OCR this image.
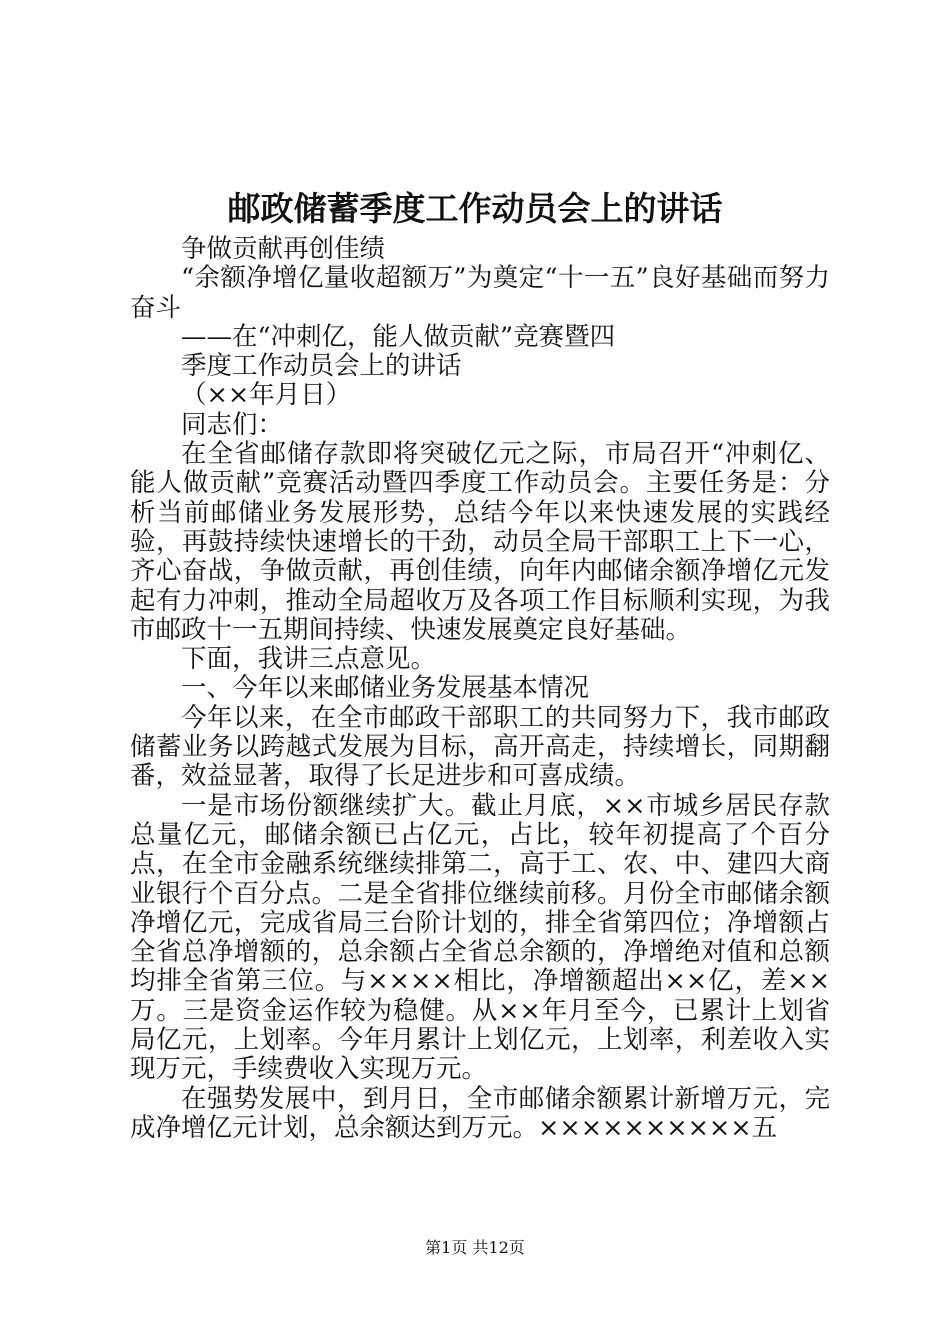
邮政储蓄季度工作动员会上的讲话

争做贡献再创佳绩

“余额净增亿量收超额万”为奠定“十一五”良好基础而努力奋斗

——在“冲刺亿，能人做贡献”竞赛暨四

季度工作动员会上的讲话

（××年月日）

同志们：

在全省邮储存款即将突破亿元之际，市局召开“冲刺亿、能人做贡献”竞赛活动暨四季度工作动员会。主要任务是：分析当前邮储业务发展形势，总结今年以来快速发展的实践经验，再鼓持续快速增长的干劲，动员全局干部职工上下一心，齐心奋战，争做贡献，再创佳绩，向年内邮储余额净增亿元发起有力冲刺，推动全局超收万及各项工作目标顺利实现，为我市邮政十一五期间持续、快速发展奠定良好基础。

下面，我讲三点意见。

一、今年以来邮储业务发展基本情况

今年以来，在全市邮政干部职工的共同努力下，我市邮政储蓄业务以跨越式发展为目标，高开高走，持续增长，同期翻番，效益显著，取得了长足进步和可喜成绩。

一是市场份额继续扩大。截止月底，××市城乡居民存款总量亿元，邮储余额已占亿元，占比，较年初提高了个百分点，在全市金融系统继续排第二，高于工、农、中、建四大商业银行个百分点。二是全省排位继续前移。月份全市邮储余额净增亿元，完成省局三台阶计划的，排全省第四位；净增额占全省总净增额的，总余额占全省总余额的，净增绝对值和总额均排全省第三位。与××××相比，净增额超出××亿，差××万。三是资金运作较为稳健。从××年月至今，已累计上划省局亿元，上划率。今年月累计上划亿元，上划率，利差收入实现万元，手续费收入实现万元。

在强势发展中，到月日，全市邮储余额累计新增万元，完成净增亿元计划，总余额达到万元。××××××××××五

第1页 共12页
